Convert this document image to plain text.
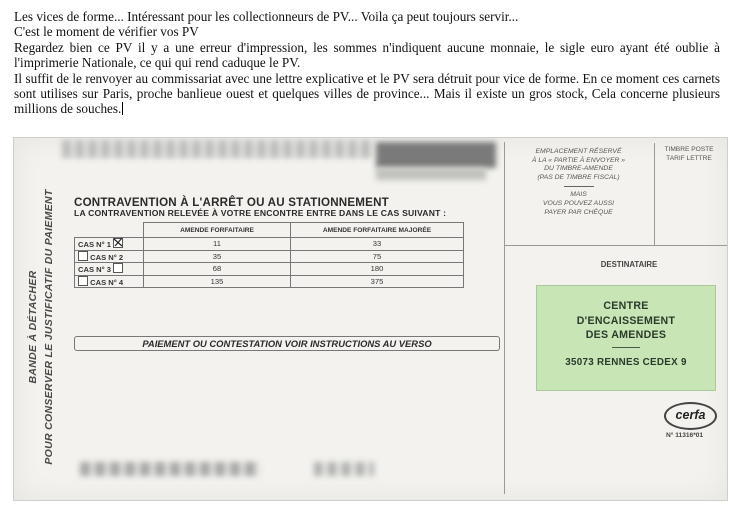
Les vices de forme... Intéressant pour les collectionneurs de PV... Voila ça peut toujours servir...

C'est le moment de vérifier vos PV

Regardez bien ce PV il y a une erreur d'impression, les sommes n'indiquent aucune monnaie, le sigle euro ayant été oublie à l'imprimerie Nationale, ce qui qui rend caduque le PV.

Il suffit de le renvoyer au commissariat avec une lettre explicative et le PV sera détruit pour vice de forme. En ce moment ces carnets sont utilises sur Paris, proche banlieue ouest et quelques villes de province... Mais il existe un gros stock, Cela concerne plusieurs millions de souches.

BANDE À DÉTACHER POUR CONSERVER LE JUSTIFICATIF DU PAIEMENT CONTRAVENTION À L'ARRÊT OU AU STATIONNEMENT
LA CONTRAVENTION RELEVÉE À VOTRE ENCONTRE ENTRE DANS LE CAS SUIVANT :
	AMENDE FORFAITAIRE	AMENDE FORFAITAIRE MAJORÉE
CAS N° 1	11	33
CAS N° 2	35	75
CAS N° 3	68	180
CAS N° 4	135	375
PAIEMENT OU CONTESTATION VOIR INSTRUCTIONS AU VERSO
EMPLACEMENT RÉSERVÉ
À LA « PARTIE À ENVOYER »
DU TIMBRE-AMENDE
(PAS DE TIMBRE FISCAL)
MAIS
VOUS POUVEZ AUSSI
PAYER PAR CHÈQUE
TIMBRE POSTE
TARIF LETTRE
DESTINATAIRE
CENTRE
D'ENCAISSEMENT
DES AMENDES
35073 RENNES CEDEX 9
cerfa
N° 11316*01
